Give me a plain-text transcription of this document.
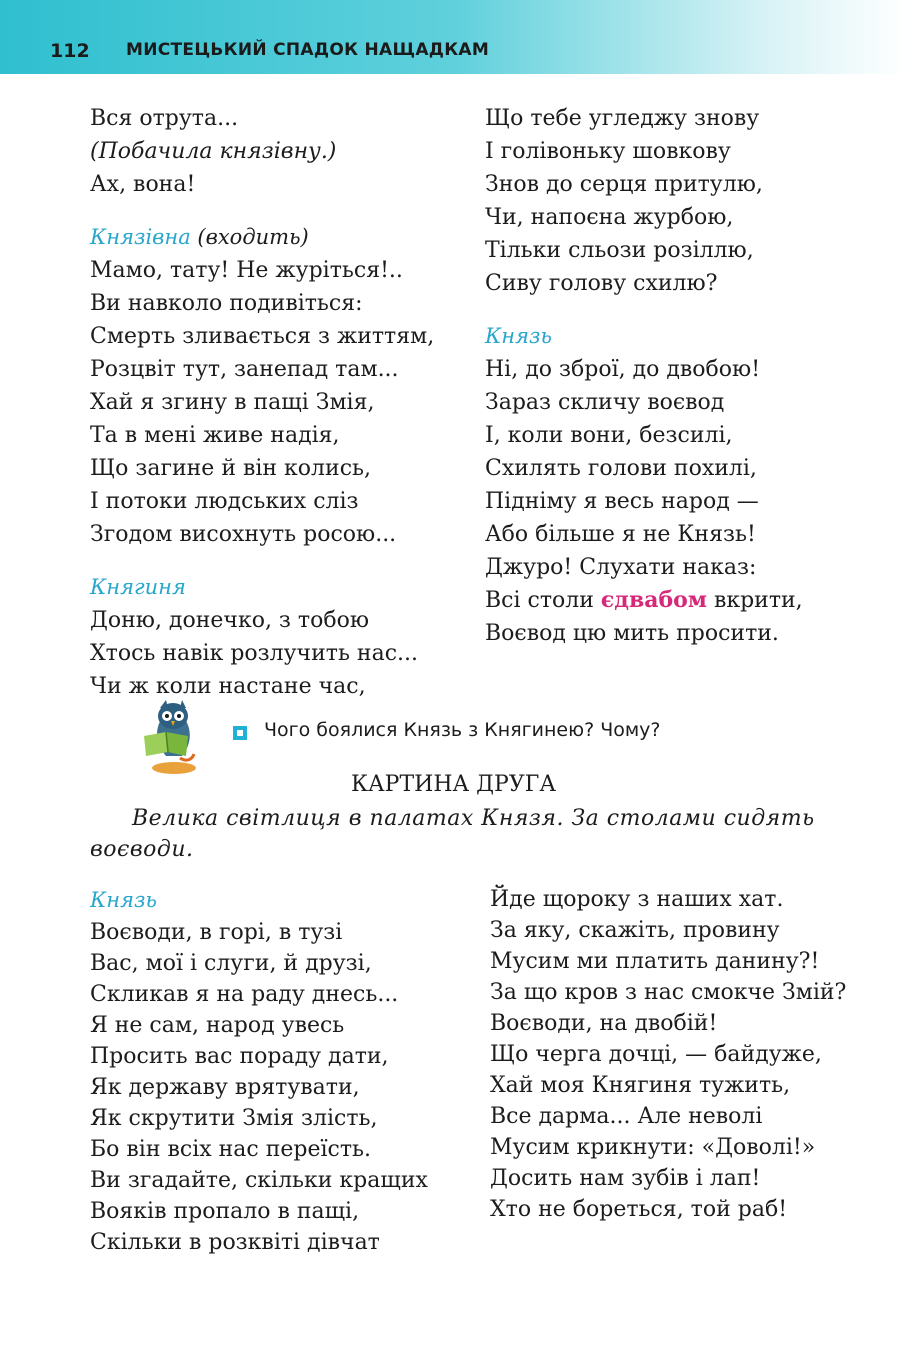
112 МИСТЕЦЬКИЙ СПАДОК НАЩАДКАМ
Вся отрута...
(Побачила князівну.)
Ах, вона!
Князівна (входить)
Мамо, тату! Не журіться!..
Ви навколо подивіться:
Смерть зливається з життям,
Розцвіт тут, занепад там...
Хай я згину в пащі Змія,
Та в мені живе надія,
Що загине й він колись,
І потоки людських сліз
Згодом висохнуть росою...
Княгиня
Доню, донечко, з тобою
Хтось навік розлучить нас...
Чи ж коли настане час,
Що тебе угледжу знову
І голівоньку шовкову
Знов до серця притулю,
Чи, напоєна журбою,
Тільки сльози розіллю,
Сиву голову схилю?
Князь
Ні, до зброї, до двобою!
Зараз скличу воєвод
І, коли вони, безсилі,
Схилять голови похилі,
Підніму я весь народ —
Або більше я не Князь!
Джуро! Слухати наказ:
Всі столи єдвабом вкрити,
Воєвод цю мить просити.
Чого боялися Князь з Княгинею? Чому?
КАРТИНА ДРУГА
Велика світлиця в палатах Князя. За столами сидять воєводи.
Князь
Воєводи, в горі, в тузі
Вас, мої і слуги, й друзі,
Скликав я на раду днесь...
Я не сам, народ увесь
Просить вас пораду дати,
Як державу врятувати,
Як скрутити Змія злість,
Бо він всіх нас переїсть.
Ви згадайте, скільки кращих
Вояків пропало в пащі,
Скільки в розквіті дівчат
Йде щороку з наших хат.
За яку, скажіть, провину
Мусим ми платить данину?!
За що кров з нас смокче Змій?
Воєводи, на двобій!
Що черга дочці, — байдуже,
Хай моя Княгиня тужить,
Все дарма... Але неволі
Мусим крикнути: «Доволі!»
Досить нам зубів і лап!
Хто не бореться, той раб!
